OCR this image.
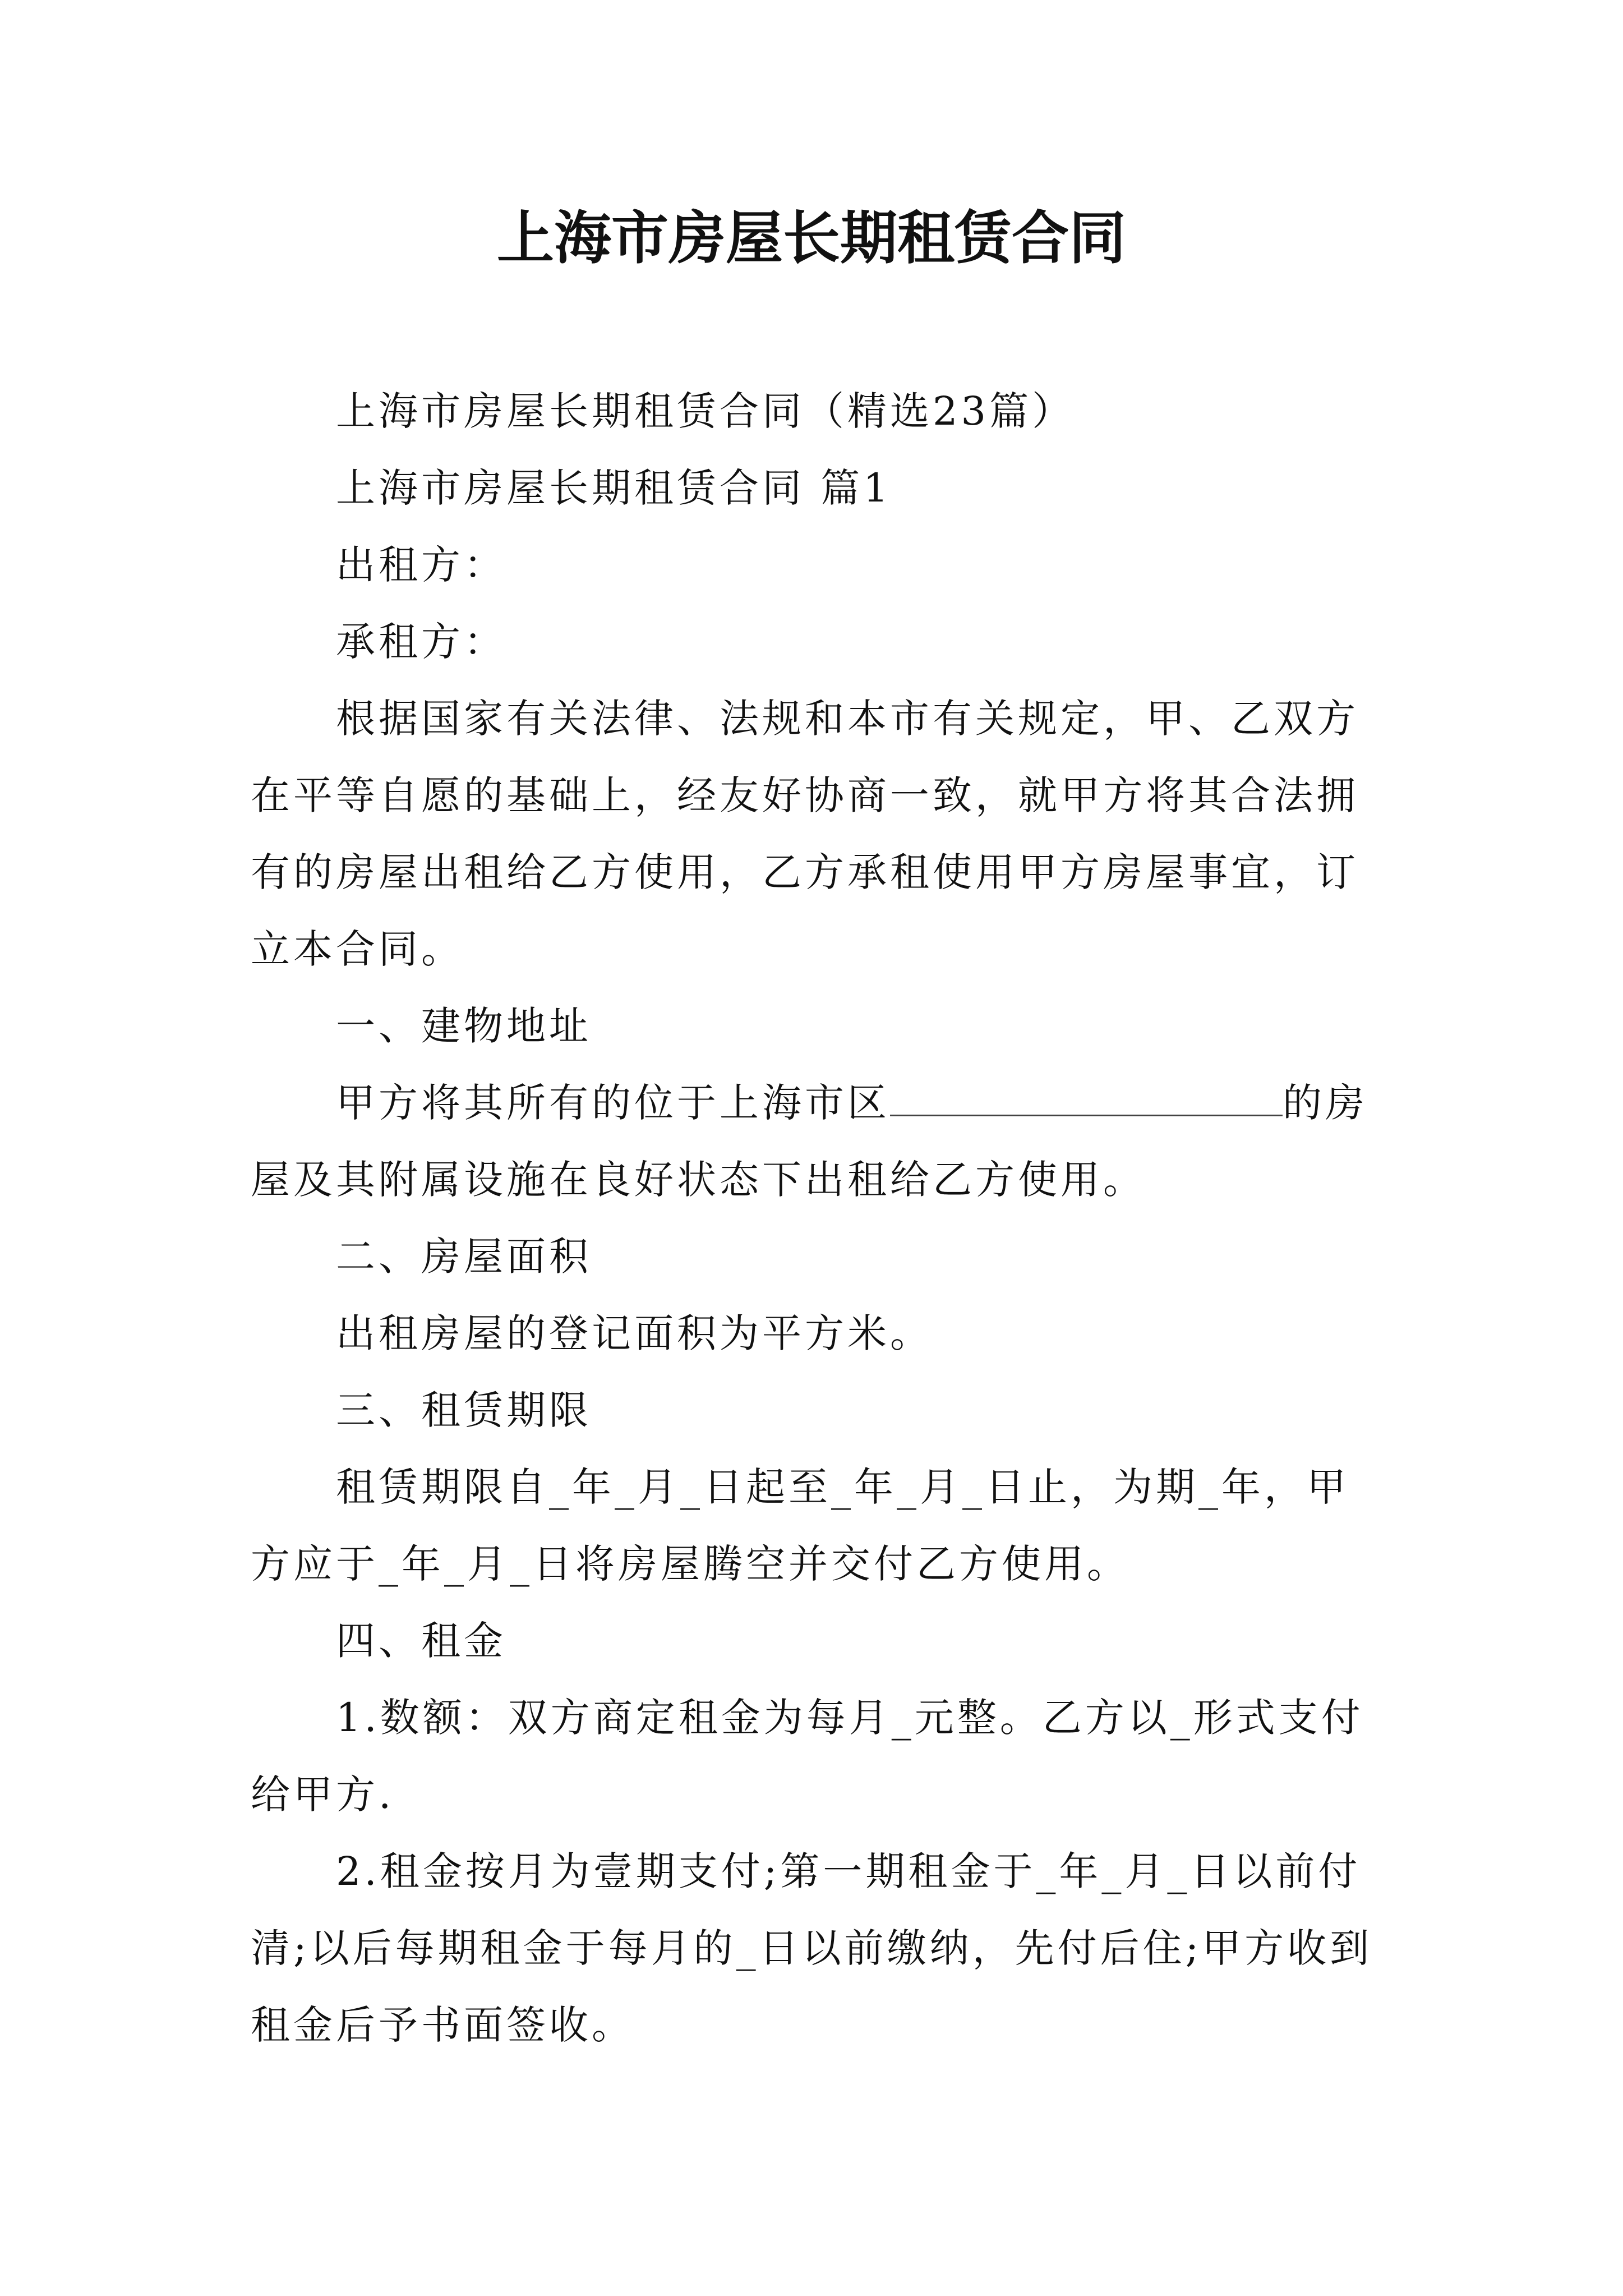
上海市房屋长期租赁合同

上海市房屋长期租赁合同（精选23篇）

上海市房屋长期租赁合同 篇1

出租方：

承租方：

根据国家有关法律、法规和本市有关规定，甲、乙双方在平等自愿的基础上，经友好协商一致，就甲方将其合法拥有的房屋出租给乙方使用，乙方承租使用甲方房屋事宜，订立本合同。

一、建物地址

甲方将其所有的位于上海市区	的房屋及其附属设施在良好状态下出租给乙方使用。

二、房屋面积

出租房屋的登记面积为平方米。

三、租赁期限

租赁期限自_年_月_日起至_年_月_日止，为期_年，甲方应于_年_月_日将房屋腾空并交付乙方使用。

四、租金

1.数额：双方商定租金为每月_元整。乙方以_形式支付给甲方.

2.租金按月为壹期支付;第一期租金于_年_月_日以前付清;以后每期租金于每月的_日以前缴纳，先付后住;甲方收到租金后予书面签收。
